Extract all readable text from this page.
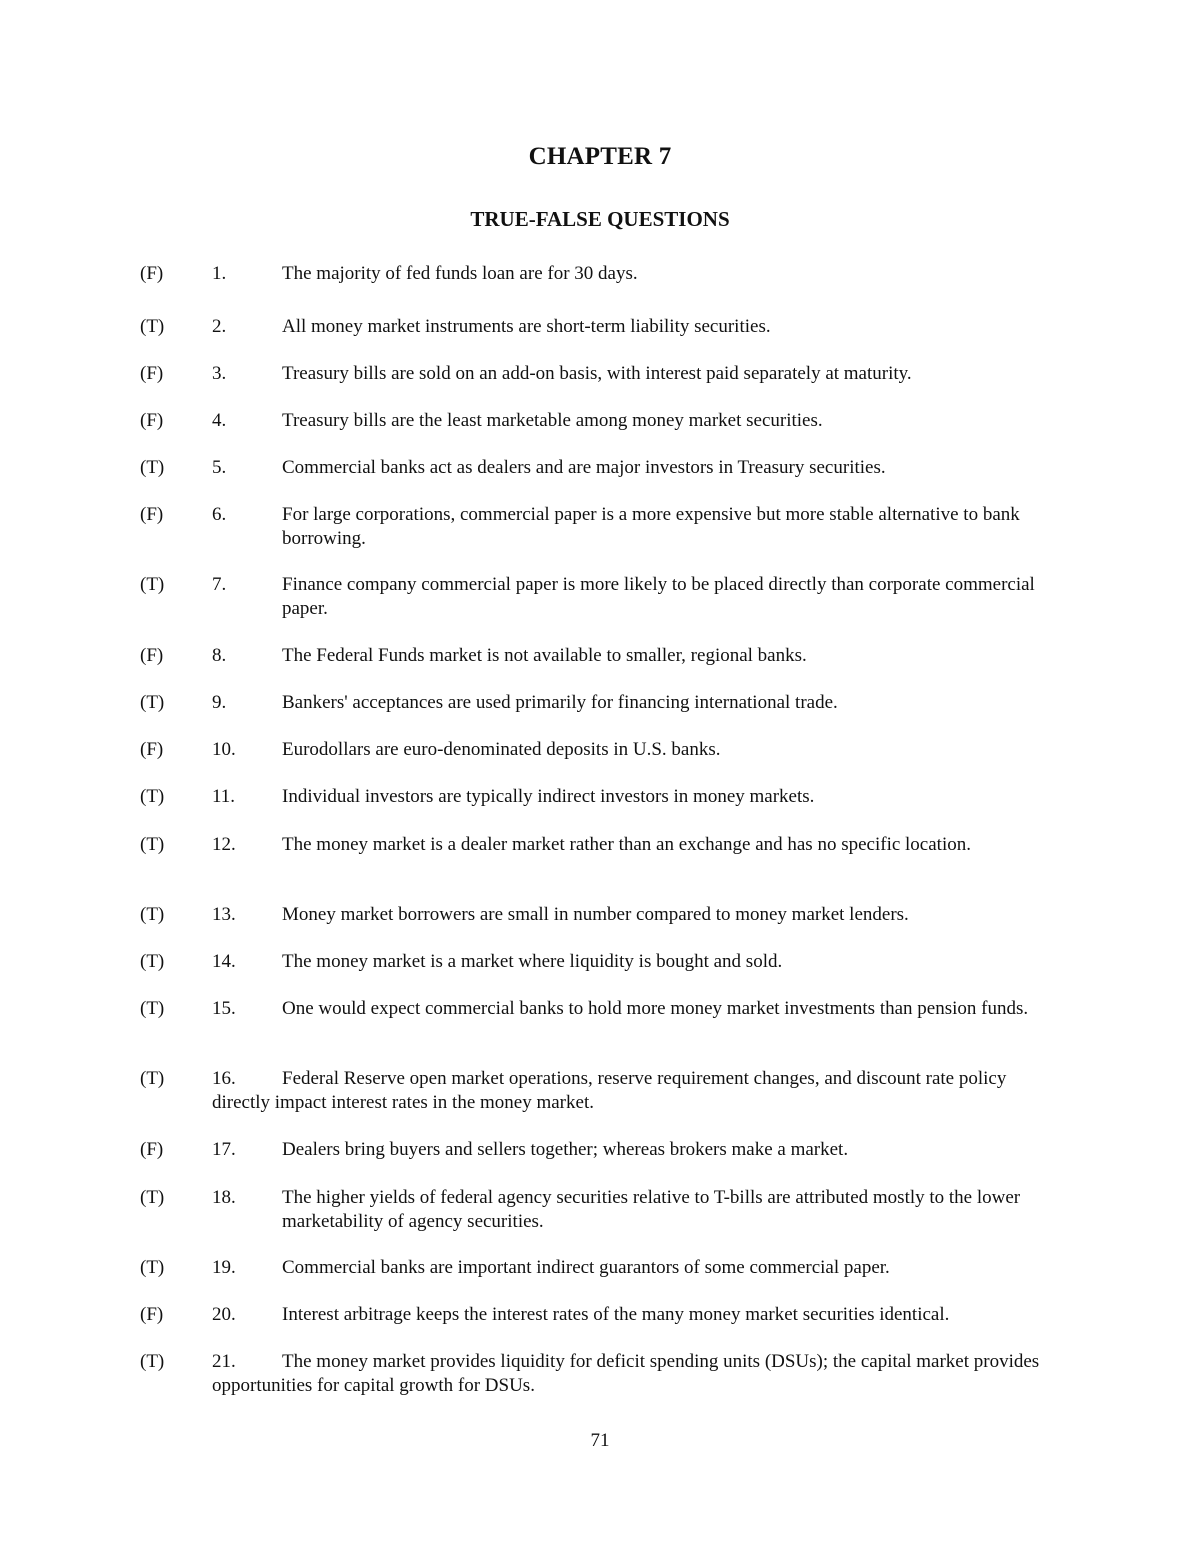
CHAPTER 7
TRUE-FALSE QUESTIONS
(F)	1.	The majority of fed funds loan are for 30 days.
(T)	2.	All money market instruments are short-term liability securities.
(F)	3.	Treasury bills are sold on an add-on basis, with interest paid separately at maturity.
(F)	4.	Treasury bills are the least marketable among money market securities.
(T)	5.	Commercial banks act as dealers and are major investors in Treasury securities.
(F)	6.	For large corporations, commercial paper is a more expensive but more stable alternative to bank borrowing.
(T)	7.	Finance company commercial paper is more likely to be placed directly than corporate commercial paper.
(F)	8.	The Federal Funds market is not available to smaller, regional banks.
(T)	9.	Bankers' acceptances are used primarily for financing international trade.
(F)	10. Eurodollars are euro-denominated deposits in U.S. banks.
(T)	11. Individual investors are typically indirect investors in money markets.
(T)	12. The money market is a dealer market rather than an exchange and has no specific location.
(T)	13. Money market borrowers are small in number compared to money market lenders.
(T)	14. The money market is a market where liquidity is bought and sold.
(T)	15. One would expect commercial banks to hold more money market investments than pension funds.
(T)	16.	Federal Reserve open market operations, reserve requirement changes, and discount rate policy directly impact interest rates in the money market.
(F)	17. Dealers bring buyers and sellers together; whereas brokers make a market.
(T)	18. The higher yields of federal agency securities relative to T-bills are attributed mostly to the lower marketability of agency securities.
(T)	19. Commercial banks are important indirect guarantors of some commercial paper.
(F)	20. Interest arbitrage keeps the interest rates of the many money market securities identical.
(T)	21.	The money market provides liquidity for deficit spending units (DSUs); the capital market provides opportunities for capital growth for DSUs.
71
